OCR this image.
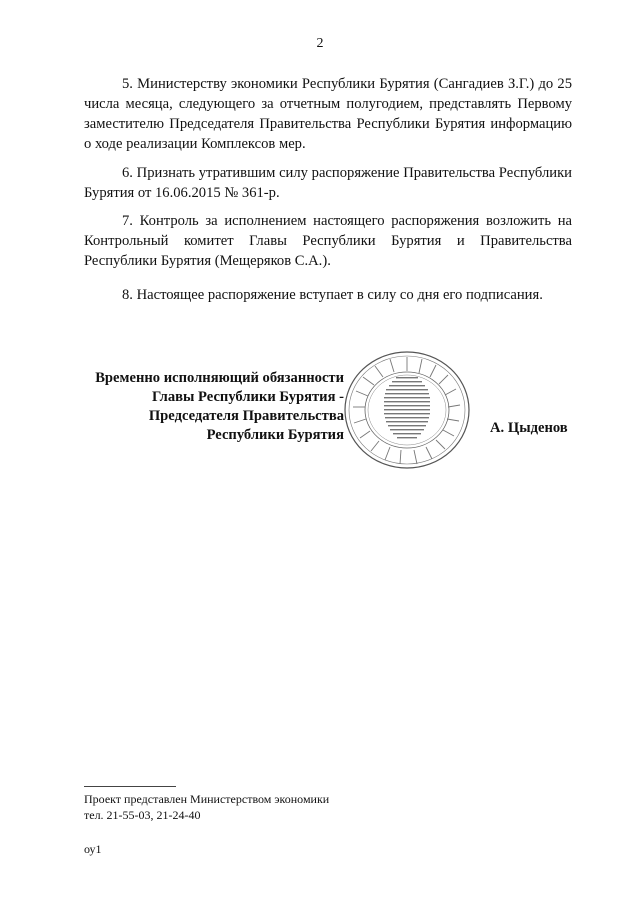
2
5. Министерству экономики Республики Бурятия (Сангадиев З.Г.) до 25 числа месяца, следующего за отчетным полугодием, представлять Первому заместителю Председателя Правительства Республики Бурятия информацию о ходе реализации Комплексов мер.
6. Признать утратившим силу распоряжение Правительства Республики Бурятия от 16.06.2015 № 361-р.
7. Контроль за исполнением настоящего распоряжения возложить на Контрольный комитет Главы Республики Бурятия и Правительства Республики Бурятия (Мещеряков С.А.).
8. Настоящее распоряжение вступает в силу со дня его подписания.
Временно исполняющий обязанности
Главы Республики Бурятия -
Председателя Правительства
Республики Бурятия	А. Цыденов
Проект представлен Министерством экономики
тел. 21-55-03, 21-24-40
оу1
